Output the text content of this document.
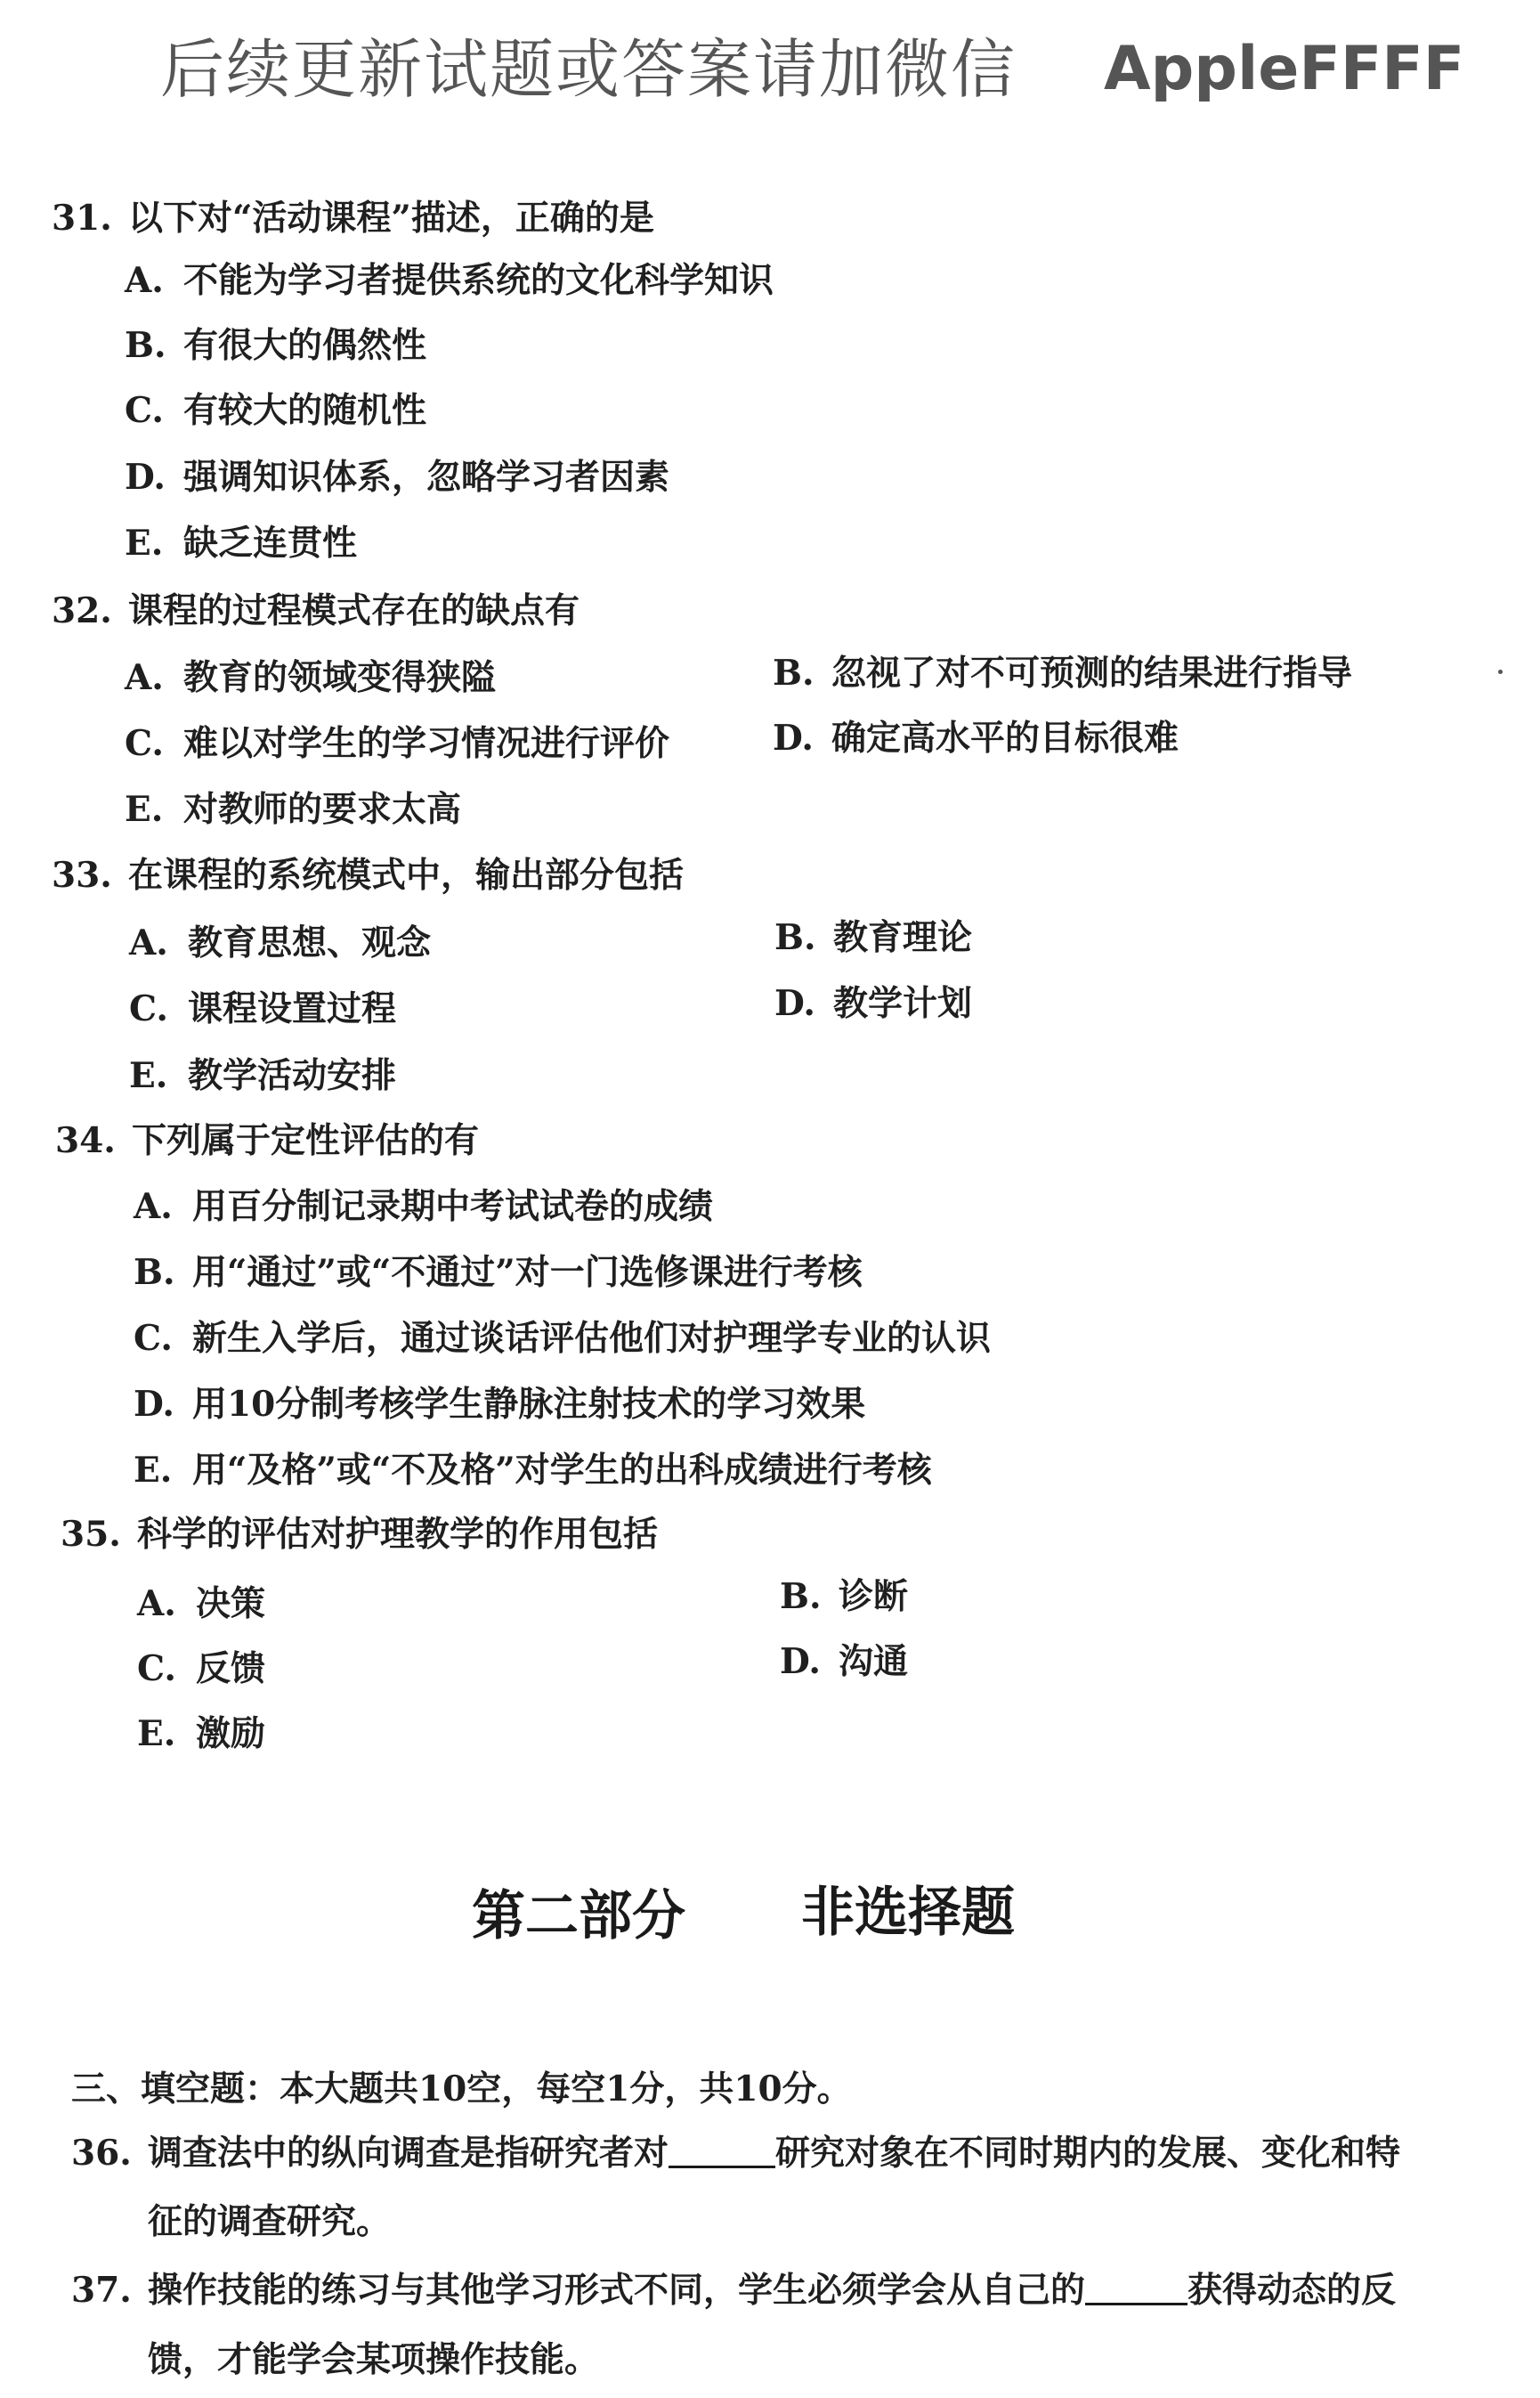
后续更新试题或答案请加微信 AppleFFFF
31. 以下对“活动课程”描述，正确的是
A. 不能为学习者提供系统的文化科学知识
B. 有很大的偶然性
C. 有较大的随机性
D. 强调知识体系，忽略学习者因素
E. 缺乏连贯性
32. 课程的过程模式存在的缺点有
A. 教育的领域变得狭隘	B. 忽视了对不可预测的结果进行指导
C. 难以对学生的学习情况进行评价	D. 确定高水平的目标很难
E. 对教师的要求太高
33. 在课程的系统模式中，输出部分包括
A. 教育思想、观念	B. 教育理论
C. 课程设置过程	D. 教学计划
E. 教学活动安排
34. 下列属于定性评估的有
A. 用百分制记录期中考试试卷的成绩
B. 用“通过”或“不通过”对一门选修课进行考核
C. 新生入学后，通过谈话评估他们对护理学专业的认识
D. 用10分制考核学生静脉注射技术的学习效果
E. 用“及格”或“不及格”对学生的出科成绩进行考核
35. 科学的评估对护理教学的作用包括
A. 决策	B. 诊断
C. 反馈	D. 沟通
E. 激励
第二部分 非选择题
三、填空题：本大题共10空，每空1分，共10分。
36. 调查法中的纵向调查是指研究者对	研究对象在不同时期内的发展、变化和特
征的调查研究。
37. 操作技能的练习与其他学习形式不同，学生必须学会从自己的	获得动态的反
馈，才能学会某项操作技能。
